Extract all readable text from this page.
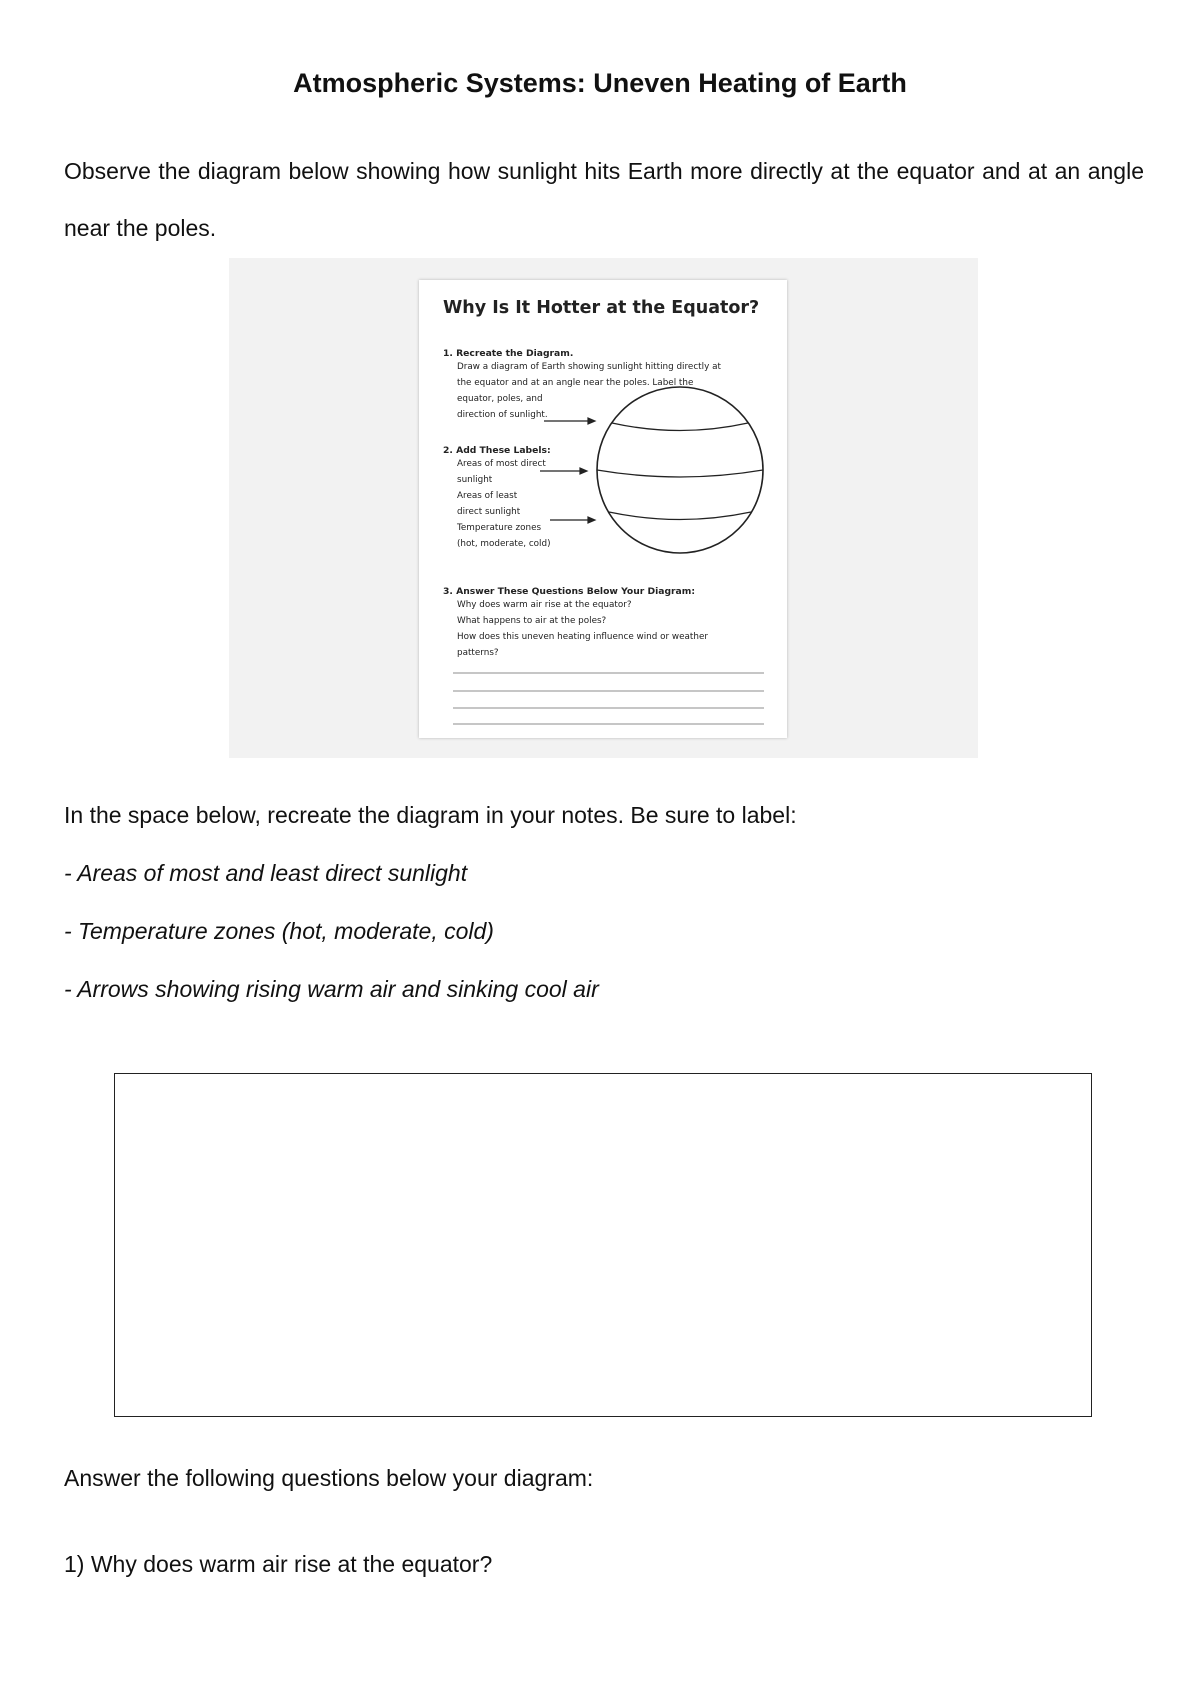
Atmospheric Systems: Uneven Heating of Earth
Observe the diagram below showing how sunlight hits Earth more directly at the equator and at an angle near the poles.
Why Is It Hotter at the Equator?
1. Recreate the Diagram.
Draw a diagram of Earth showing sunlight hitting directly at
the equator and at an angle near the poles. Label the
equator, poles, and
direction of sunlight.
2. Add These Labels:
Areas of most direct
sunlight
Areas of least
direct sunlight
Temperature zones
(hot, moderate, cold)
3. Answer These Questions Below Your Diagram:
Why does warm air rise at the equator?
What happens to air at the poles?
How does this uneven heating influence wind or weather
patterns?
In the space below, recreate the diagram in your notes. Be sure to label:
- Areas of most and least direct sunlight
- Temperature zones (hot, moderate, cold)
- Arrows showing rising warm air and sinking cool air
Answer the following questions below your diagram:
1) Why does warm air rise at the equator?
